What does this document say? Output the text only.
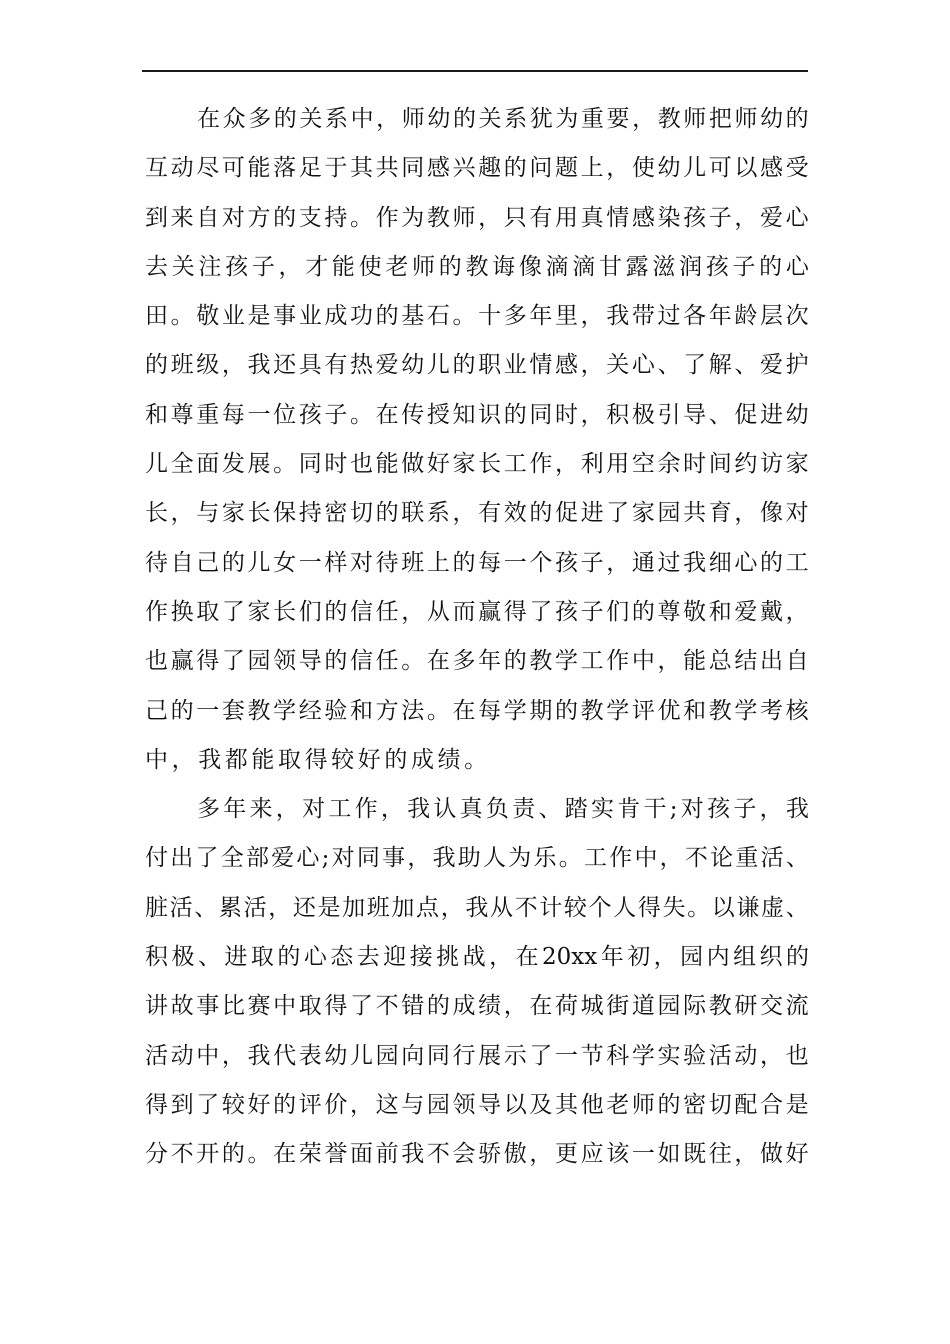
在 众 多 的 关 系 中 ， 师 幼 的 关 系 犹 为 重 要 ， 教 师 把 师 幼 的
互 动 尽 可 能 落 足 于 其 共 同 感 兴 趣 的 问 题 上 ， 使 幼 儿 可 以 感 受
到 来 自 对 方 的 支 持 。 作 为 教 师 ， 只 有 用 真 情 感 染 孩 子 ， 爱 心
去 关 注 孩 子 ， 才 能 使 老 师 的 教 诲 像 滴 滴 甘 露 滋 润 孩 子 的 心
田 。 敬 业 是 事 业 成 功 的 基 石 。 十 多 年 里 ， 我 带 过 各 年 龄 层 次
的 班 级 ， 我 还 具 有 热 爱 幼 儿 的 职 业 情 感 ， 关 心 、 了 解 、 爱 护
和 尊 重 每 一 位 孩 子 。 在 传 授 知 识 的 同 时 ， 积 极 引 导 、 促 进 幼
儿 全 面 发 展 。 同 时 也 能 做 好 家 长 工 作 ， 利 用 空 余 时 间 约 访 家
长 ， 与 家 长 保 持 密 切 的 联 系 ， 有 效 的 促 进 了 家 园 共 育 ， 像 对
待 自 己 的 儿 女 一 样 对 待 班 上 的 每 一 个 孩 子 ， 通 过 我 细 心 的 工
作 换 取 了 家 长 们 的 信 任 ， 从 而 赢 得 了 孩 子 们 的 尊 敬 和 爱 戴 ，
也 赢 得 了 园 领 导 的 信 任 。 在 多 年 的 教 学 工 作 中 ， 能 总 结 出 自
己 的 一 套 教 学 经 验 和 方 法 。 在 每 学 期 的 教 学 评 优 和 教 学 考 核
中 ， 我 都 能 取 得 较 好 的 成 绩 。
多 年 来 ， 对 工 作 ， 我 认 真 负 责 、 踏 实 肯 干 ; 对 孩 子 ， 我
付 出 了 全 部 爱 心 ; 对 同 事 ， 我 助 人 为 乐 。 工 作 中 ， 不 论 重 活 、
脏 活 、 累 活 ， 还 是 加 班 加 点 ， 我 从 不 计 较 个 人 得 失 。 以 谦 虚 、
积 极 、 进 取 的 心 态 去 迎 接 挑 战 ， 在 20xx 年 初 ， 园 内 组 织 的
讲 故 事 比 赛 中 取 得 了 不 错 的 成 绩 ， 在 荷 城 街 道 园 际 教 研 交 流
活 动 中 ， 我 代 表 幼 儿 园 向 同 行 展 示 了 一 节 科 学 实 验 活 动 ， 也
得 到 了 较 好 的 评 价 ， 这 与 园 领 导 以 及 其 他 老 师 的 密 切 配 合 是
分 不 开 的 。 在 荣 誉 面 前 我 不 会 骄 傲 ， 更 应 该 一 如 既 往 ， 做 好
